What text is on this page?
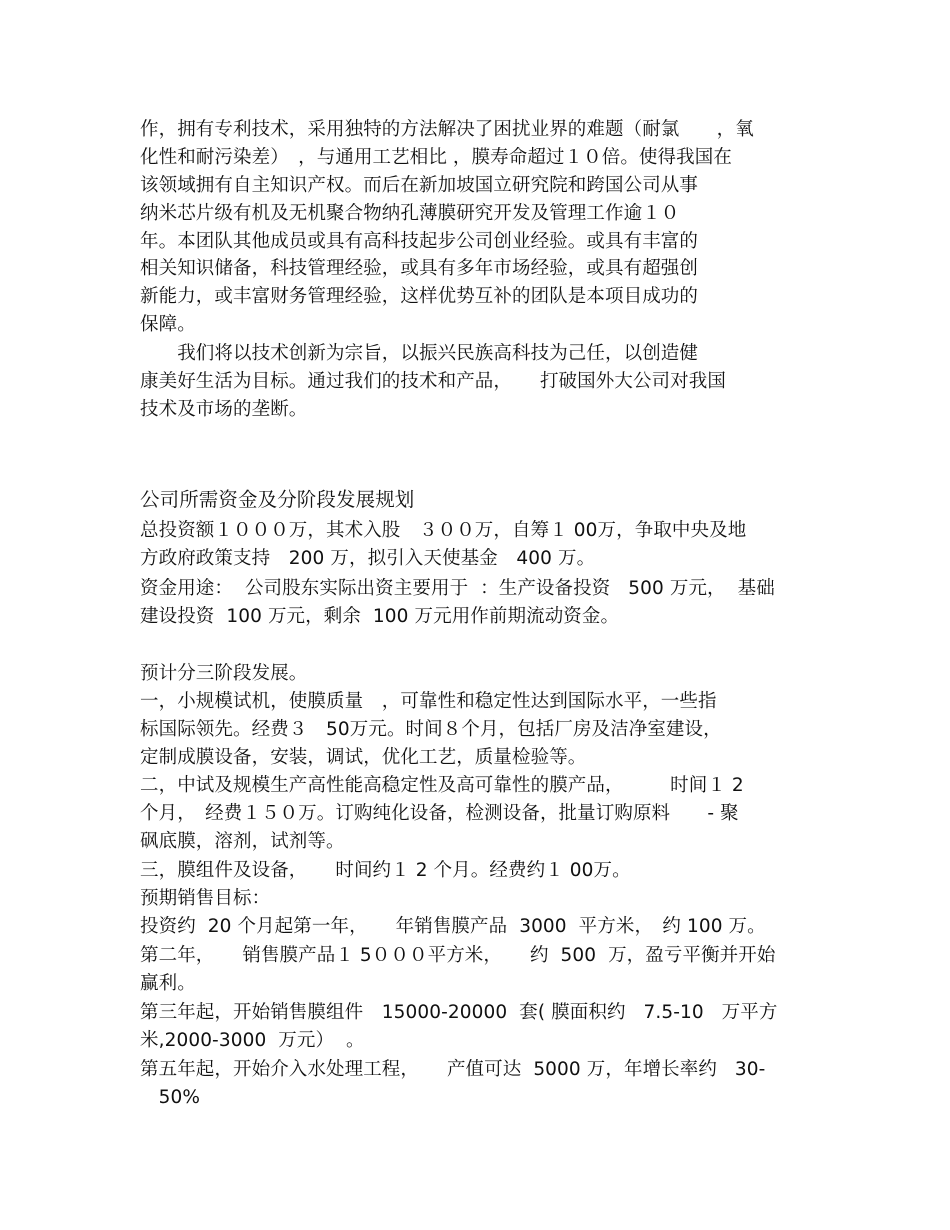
作，拥有专利技术，采用独特的方法解决了困扰业界的难题（耐氯　　，氧
化性和耐污染差）　，与通用工艺相比 ，膜寿命超过１０倍。使得我国在
该领域拥有自主知识产权。而后在新加坡国立研究院和跨国公司从事
纳米芯片级有机及无机聚合物纳孔薄膜研究开发及管理工作逾１０
年。本团队其他成员或具有高科技起步公司创业经验。或具有丰富的
相关知识储备，科技管理经验，或具有多年市场经验，或具有超强创
新能力，或丰富财务管理经验，这样优势互补的团队是本项目成功的
保障。
　　我们将以技术创新为宗旨，以振兴民族高科技为己任，以创造健
康美好生活为目标。通过我们的技术和产品，　　打破国外大公司对我国
技术及市场的垄断。
公司所需资金及分阶段发展规划
总投资额１０００万，其术入股　３００万，自筹１ 00万，争取中央及地
方政府政策支持　200 万，拟引入天使基金　400 万。
资金用途：  公司股东实际出资主要用于  ：生产设备投资   500 万元，  基础
建设投资  100 万元，剩余  100 万元用作前期流动资金。
预计分三阶段发展。
一，小规模试机，使膜质量　，可靠性和稳定性达到国际水平，一些指
标国际领先。经费３　50万元。时间８个月，包括厂房及洁净室建设，
定制成膜设备，安装，调试，优化工艺，质量检验等。
二，中试及规模生产高性能高稳定性及高可靠性的膜产品，　　　时间１ 2
个月，　经费１５０万。订购纯化设备，检测设备，批量订购原料　　- 聚
砜底膜，溶剂，试剂等。
三，膜组件及设备，　　时间约１ 2 个月。经费约１ 00万。
预期销售目标：
投资约  20 个月起第一年，　　年销售膜产品  3000  平方米，　约 100 万。
第二年，　　销售膜产品１ 5０００平方米，　　约  500  万，盈亏平衡并开始
赢利。
第三年起，开始销售膜组件　15000-20000  套( 膜面积约   7.5-10   万平方
米,2000-3000  万元）  。
第五年起，开始介入水处理工程，　　产值可达  5000 万，年增长率约   30-
　50%
